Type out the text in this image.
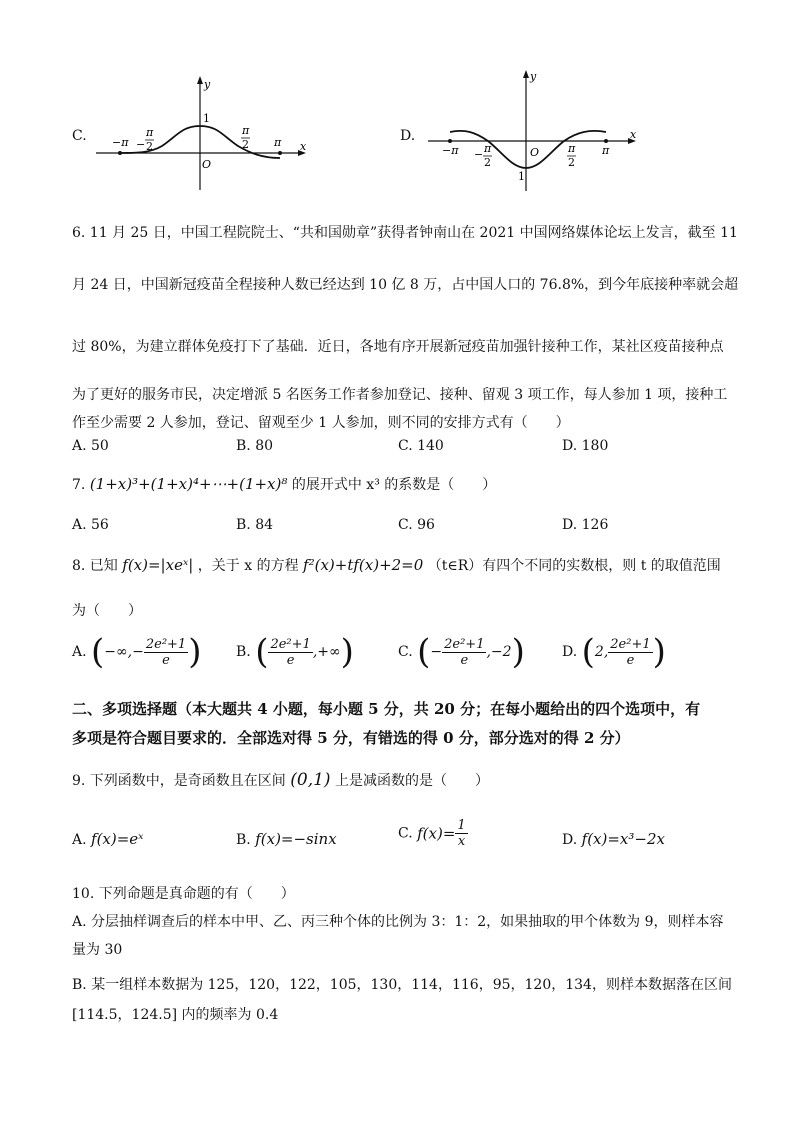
C.
y
x
O
1
−π −
π
2
π
2 π	D.
y
x
O
1
−π − π
2
π
2
π
6. 11 月 25 日，中国工程院院士、“共和国勋章”获得者钟南山在 2021 中国网络媒体论坛上发言，截至 11
月 24 日，中国新冠疫苗全程接种人数已经达到 10 亿 8 万，占中国人口的 76.8%，到今年底接种率就会超
过 80%，为建立群体免疫打下了基础．近日，各地有序开展新冠疫苗加强针接种工作，某社区疫苗接种点
为了更好的服务市民，决定增派 5 名医务工作者参加登记、接种、留观 3 项工作，每人参加 1 项，接种工
作至少需要 2 人参加，登记、留观至少 1 人参加，则不同的安排方式有（　　）
A. 50	B. 80	C. 140	D. 180
7. (1+x)³+(1+x)⁴+⋯+(1+x)⁸ 的展开式中 x³ 的系数是（　　）
A. 56	B. 84	C. 96	D. 126
8. 已知 f(x)=|xeˣ| ，关于 x 的方程 f²(x)+tf(x)+2=0 （t∈R）有四个不同的实数根，则 t 的取值范围
为（　　）
A. (−∞,− $\frac{\text{2e²+1}}{e}$ ) B. ( $\frac{\text{2e²+1}}{e}$ ,+∞)	C. (− $\frac{\text{2e²+1}}{e} ,-2$)	D. (2, $\frac{\text{2e²+1}}{e}$ )
二、多项选择题（本大题共 4 小题，每小题 5 分，共 20 分；在每小题给出的四个选项中，有
多项是符合题目要求的．全部选对得 5 分，有错选的得 0 分，部分选对的得 2 分）
9. 下列函数中，是奇函数且在区间 (0,1) 上是减函数的是（　　）
A. f(x)=eˣ	B. f(x)=−sinx	C. $f(x)= \frac{1}{x}$	D. f(x)=x³−2x
10. 下列命题是真命题的有（　　）
A. 分层抽样调查后的样本中甲、乙、丙三种个体的比例为 3：1：2，如果抽取的甲个体数为 9，则样本容
量为 30
B. 某一组样本数据为 125，120，122，105，130，114，116，95，120，134，则样本数据落在区间
[114.5，124.5] 内的频率为 0.4
